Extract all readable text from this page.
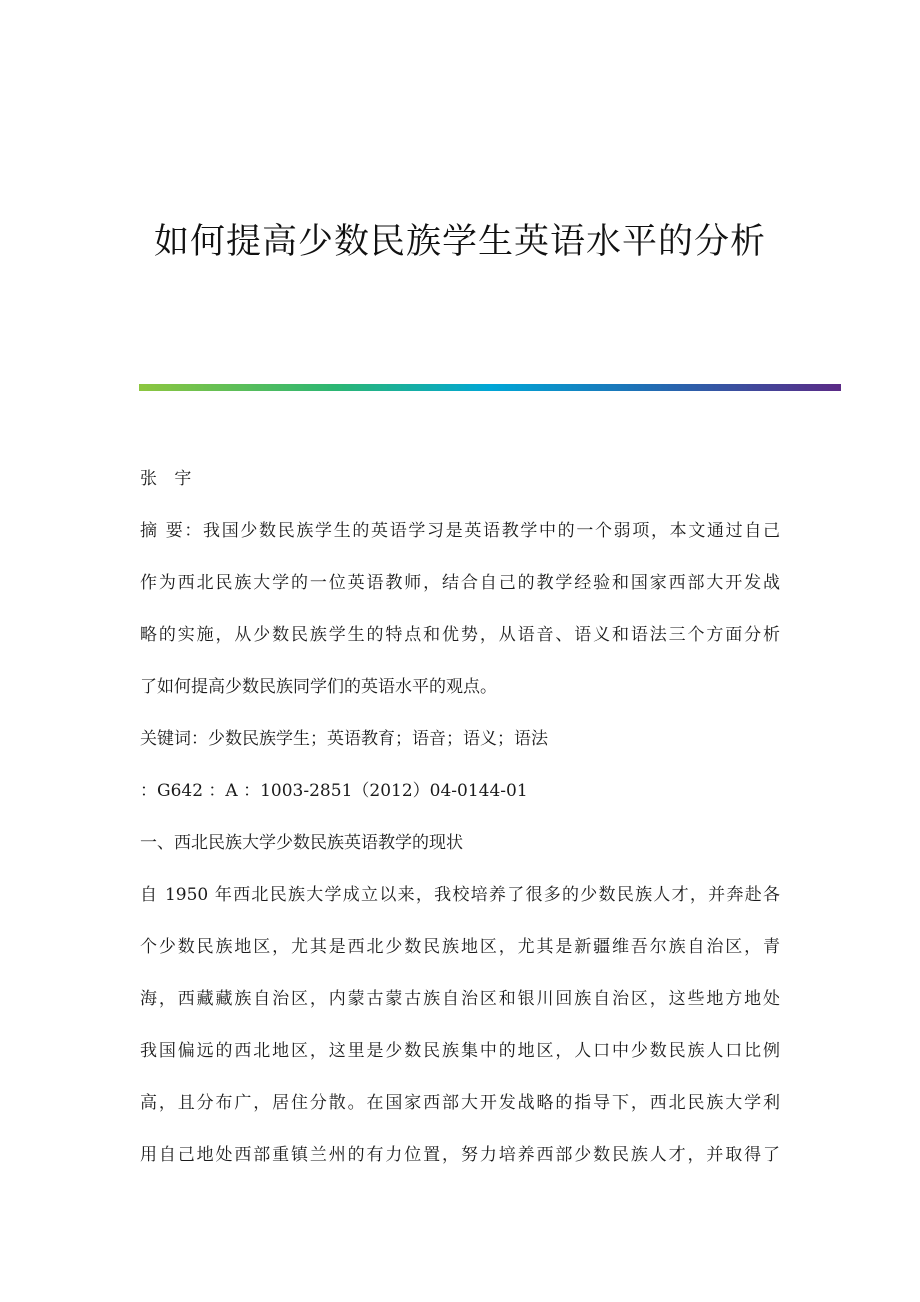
如何提高少数民族学生英语水平的分析
张 宇
摘 要：我国少数民族学生的英语学习是英语教学中的一个弱项，本文通过自己
作为西北民族大学的一位英语教师，结合自己的教学经验和国家西部大开发战
略的实施，从少数民族学生的特点和优势，从语音、语义和语法三个方面分析
了如何提高少数民族同学们的英语水平的观点。
关键词：少数民族学生；英语教育；语音；语义；语法
：G642 ：A ：1003-2851（2012）04-0144-01
一、西北民族大学少数民族英语教学的现状
自 1950 年西北民族大学成立以来，我校培养了很多的少数民族人才，并奔赴各
个少数民族地区，尤其是西北少数民族地区，尤其是新疆维吾尔族自治区，青
海，西藏藏族自治区，内蒙古蒙古族自治区和银川回族自治区，这些地方地处
我国偏远的西北地区，这里是少数民族集中的地区，人口中少数民族人口比例
高，且分布广，居住分散。在国家西部大开发战略的指导下，西北民族大学利
用自己地处西部重镇兰州的有力位置，努力培养西部少数民族人才，并取得了
